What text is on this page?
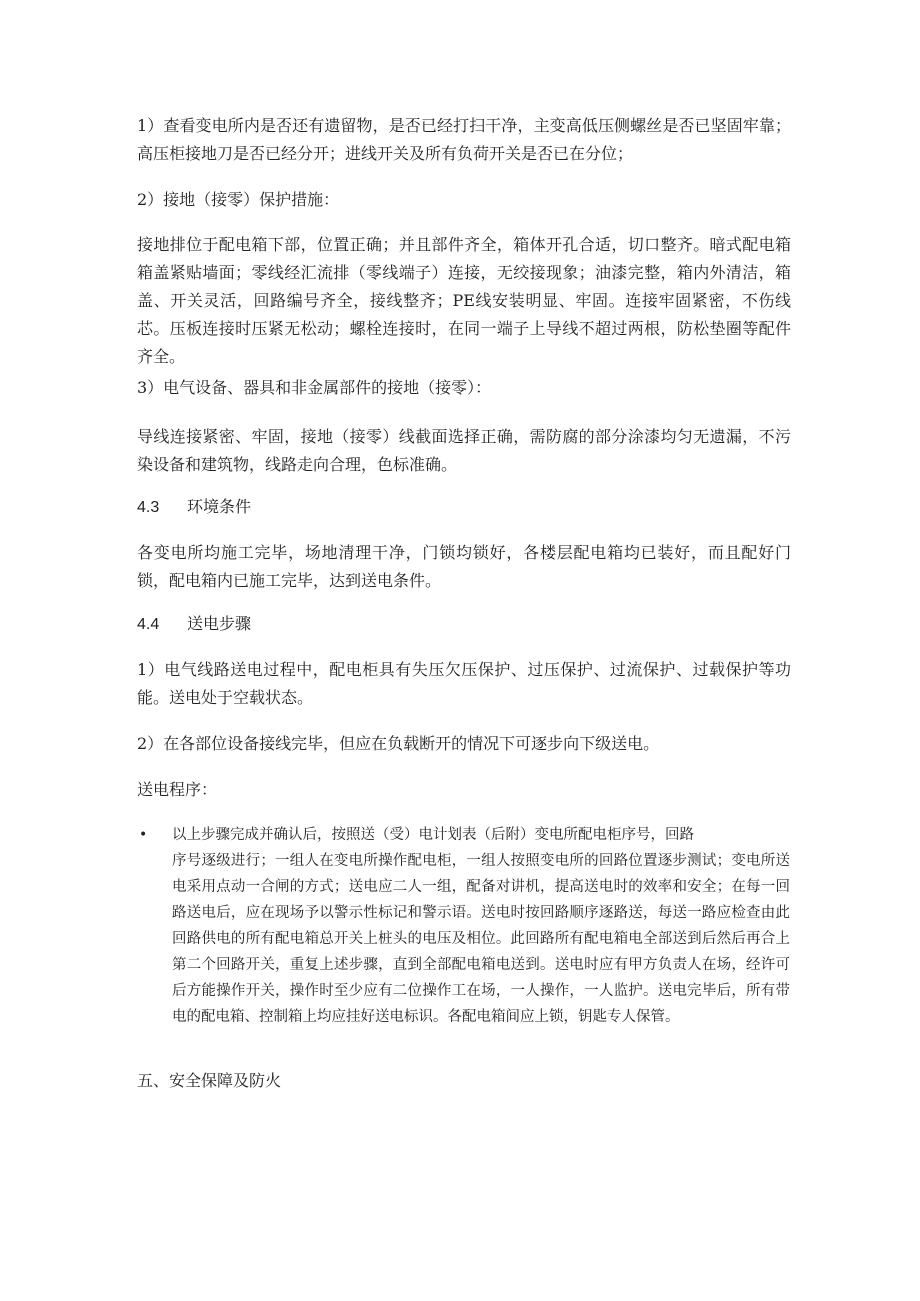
1）查看变电所内是否还有遗留物，是否已经打扫干净，主变高低压侧螺丝是否已坚固牢靠；高压柜接地刀是否已经分开；进线开关及所有负荷开关是否已在分位；

2）接地（接零）保护措施：

接地排位于配电箱下部，位置正确；并且部件齐全，箱体开孔合适，切口整齐。暗式配电箱箱盖紧贴墙面；零线经汇流排（零线端子）连接，无绞接现象；油漆完整，箱内外清洁，箱盖、开关灵活，回路编号齐全，接线整齐；PE线安装明显、牢固。连接牢固紧密，不伤线芯。压板连接时压紧无松动；螺栓连接时，在同一端子上导线不超过两根，防松垫圈等配件齐全。

3）电气设备、器具和非金属部件的接地（接零）：

导线连接紧密、牢固，接地（接零）线截面选择正确，需防腐的部分涂漆均匀无遗漏，不污染设备和建筑物，线路走向合理，色标准确。

4.3 环境条件

各变电所均施工完毕，场地清理干净，门锁均锁好，各楼层配电箱均已装好，而且配好门锁，配电箱内已施工完毕，达到送电条件。

4.4 送电步骤

1）电气线路送电过程中，配电柜具有失压欠压保护、过压保护、过流保护、过载保护等功能。送电处于空载状态。

2）在各部位设备接线完毕，但应在负载断开的情况下可逐步向下级送电。

送电程序：

• 以上步骤完成并确认后，按照送（受）电计划表（后附）变电所配电柜序号，回路

序号逐级进行；一组人在变电所操作配电柜，一组人按照变电所的回路位置逐步测试；变电所送电采用点动一合闸的方式；送电应二人一组，配备对讲机，提高送电时的效率和安全；在每一回路送电后，应在现场予以警示性标记和警示语。送电时按回路顺序逐路送，每送一路应检查由此回路供电的所有配电箱总开关上桩头的电压及相位。此回路所有配电箱电全部送到后然后再合上第二个回路开关，重复上述步骤，直到全部配电箱电送到。送电时应有甲方负责人在场，经许可后方能操作开关，操作时至少应有二位操作工在场，一人操作，一人监护。送电完毕后，所有带电的配电箱、控制箱上均应挂好送电标识。各配电箱间应上锁，钥匙专人保管。

五、安全保障及防火
